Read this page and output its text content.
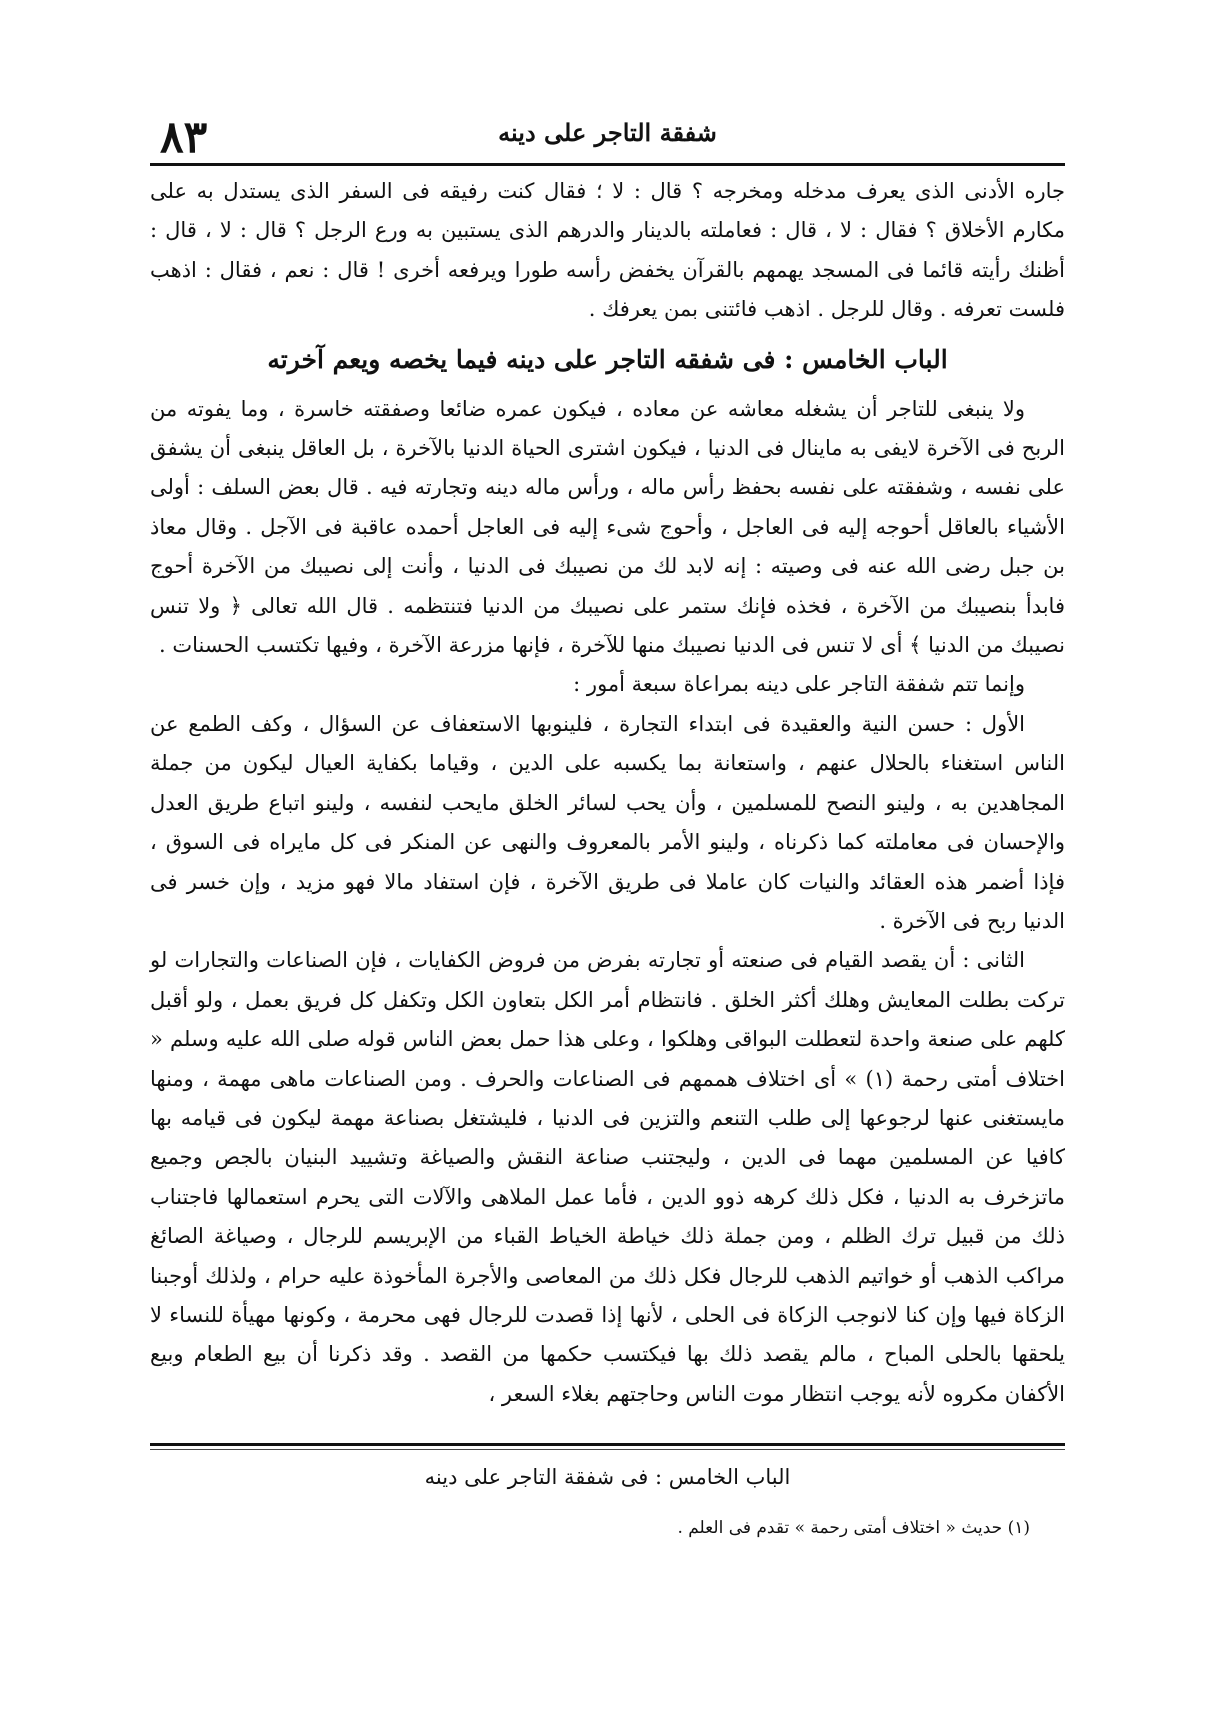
٨٣	شفقة التاجر على دينه

جاره الأدنى الذى يعرف مدخله ومخرجه ؟ قال : لا ؛ فقال كنت رفيقه فى السفر الذى يستدل به على مكارم الأخلاق ؟ فقال : لا ، قال : فعاملته بالدينار والدرهم الذى يستبين به ورع الرجل ؟ قال : لا ، قال : أظنك رأيته قائما فى المسجد يهمهم بالقرآن يخفض رأسه طورا ويرفعه أخرى ! قال : نعم ، فقال : اذهب فلست تعرفه . وقال للرجل . اذهب فائتنى بمن يعرفك .

الباب الخامس : فى شفقه التاجر على دينه فيما يخصه ويعم آخرته

ولا ينبغى للتاجر أن يشغله معاشه عن معاده ، فيكون عمره ضائعا وصفقته خاسرة ، وما يفوته من الربح فى الآخرة لايفى به ماينال فى الدنيا ، فيكون اشترى الحياة الدنيا بالآخرة ، بل العاقل ينبغى أن يشفق على نفسه ، وشفقته على نفسه بحفظ رأس ماله ، ورأس ماله دينه وتجارته فيه . قال بعض السلف : أولى الأشياء بالعاقل أحوجه إليه فى العاجل ، وأحوج شىء إليه فى العاجل أحمده عاقبة فى الآجل . وقال معاذ بن جبل رضى الله عنه فى وصيته : إنه لابد لك من نصيبك فى الدنيا ، وأنت إلى نصيبك من الآخرة أحوج فابدأ بنصيبك من الآخرة ، فخذه فإنك ستمر على نصيبك من الدنيا فتنتظمه . قال الله تعالى ﴿ ولا تنس نصيبك من الدنيا ﴾ أى لا تنس فى الدنيا نصيبك منها للآخرة ، فإنها مزرعة الآخرة ، وفيها تكتسب الحسنات .

وإنما تتم شفقة التاجر على دينه بمراعاة سبعة أمور :

الأول : حسن النية والعقيدة فى ابتداء التجارة ، فلينوبها الاستعفاف عن السؤال ، وكف الطمع عن الناس استغناء بالحلال عنهم ، واستعانة بما يكسبه على الدين ، وقياما بكفاية العيال ليكون من جملة المجاهدين به ، ولينو النصح للمسلمين ، وأن يحب لسائر الخلق مايحب لنفسه ، ولينو اتباع طريق العدل والإحسان فى معاملته كما ذكرناه ، ولينو الأمر بالمعروف والنهى عن المنكر فى كل مايراه فى السوق ، فإذا أضمر هذه العقائد والنيات كان عاملا فى طريق الآخرة ، فإن استفاد مالا فهو مزيد ، وإن خسر فى الدنيا ربح فى الآخرة .

الثانى : أن يقصد القيام فى صنعته أو تجارته بفرض من فروض الكفايات ، فإن الصناعات والتجارات لو تركت بطلت المعايش وهلك أكثر الخلق . فانتظام أمر الكل بتعاون الكل وتكفل كل فريق بعمل ، ولو أقبل كلهم على صنعة واحدة لتعطلت البواقى وهلكوا ، وعلى هذا حمل بعض الناس قوله صلى الله عليه وسلم « اختلاف أمتى رحمة (١) » أى اختلاف هممهم فى الصناعات والحرف . ومن الصناعات ماهى مهمة ، ومنها مايستغنى عنها لرجوعها إلى طلب التنعم والتزين فى الدنيا ، فليشتغل بصناعة مهمة ليكون فى قيامه بها كافيا عن المسلمين مهما فى الدين ، وليجتنب صناعة النقش والصياغة وتشييد البنيان بالجص وجميع ماتزخرف به الدنيا ، فكل ذلك كرهه ذوو الدين ، فأما عمل الملاهى والآلات التى يحرم استعمالها فاجتناب ذلك من قبيل ترك الظلم ، ومن جملة ذلك خياطة الخياط القباء من الإبريسم للرجال ، وصياغة الصائغ مراكب الذهب أو خواتيم الذهب للرجال فكل ذلك من المعاصى والأجرة المأخوذة عليه حرام ، ولذلك أوجبنا الزكاة فيها وإن كنا لانوجب الزكاة فى الحلى ، لأنها إذا قصدت للرجال فهى محرمة ، وكونها مهيأة للنساء لا يلحقها بالحلى المباح ، مالم يقصد ذلك بها فيكتسب حكمها من القصد . وقد ذكرنا أن بيع الطعام وبيع الأكفان مكروه لأنه يوجب انتظار موت الناس وحاجتهم بغلاء السعر ،

الباب الخامس : فى شفقة التاجر على دينه
(١) حديث « اختلاف أمتى رحمة » تقدم فى العلم .
